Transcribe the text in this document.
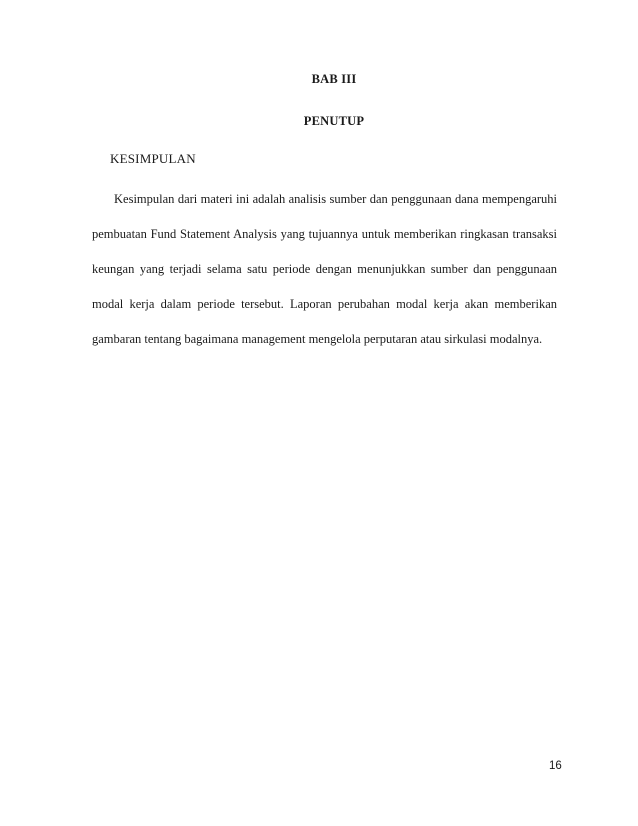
BAB III
PENUTUP
KESIMPULAN

Kesimpulan dari materi ini adalah analisis sumber dan penggunaan dana mempengaruhi pembuatan Fund Statement Analysis yang tujuannya untuk memberikan ringkasan transaksi keungan yang terjadi selama satu periode dengan menunjukkan sumber dan penggunaan modal kerja dalam periode tersebut. Laporan perubahan modal kerja akan memberikan gambaran tentang bagaimana management mengelola perputaran atau sirkulasi modalnya.

16
